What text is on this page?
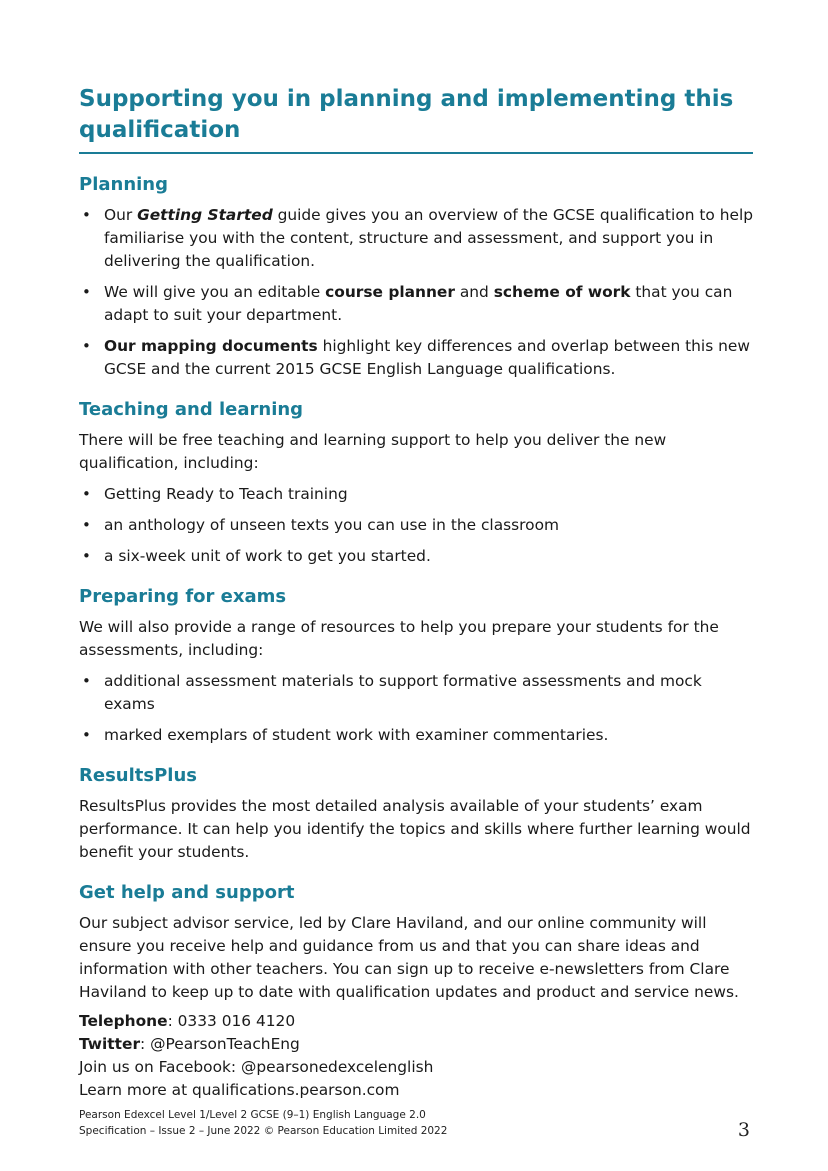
Supporting you in planning and implementing this qualification
Planning
• Our Getting Started guide gives you an overview of the GCSE qualification to help familiarise you with the content, structure and assessment, and support you in delivering the qualification.
• We will give you an editable course planner and scheme of work that you can adapt to suit your department.
• Our mapping documents highlight key differences and overlap between this new GCSE and the current 2015 GCSE English Language qualifications.
Teaching and learning

There will be free teaching and learning support to help you deliver the new qualification, including:

• Getting Ready to Teach training
• an anthology of unseen texts you can use in the classroom
• a six-week unit of work to get you started.
Preparing for exams

We will also provide a range of resources to help you prepare your students for the assessments, including:

• additional assessment materials to support formative assessments and mock exams
• marked exemplars of student work with examiner commentaries.
ResultsPlus

ResultsPlus provides the most detailed analysis available of your students’ exam performance. It can help you identify the topics and skills where further learning would benefit your students.

Get help and support

Our subject advisor service, led by Clare Haviland, and our online community will ensure you receive help and guidance from us and that you can share ideas and information with other teachers. You can sign up to receive e-newsletters from Clare Haviland to keep up to date with qualification updates and product and service news.

Telephone: 0333 016 4120
Twitter: @PearsonTeachEng
Join us on Facebook: @pearsonedexcelenglish
Learn more at qualifications.pearson.com
Pearson Edexcel Level 1/Level 2 GCSE (9–1) English Language 2.0
Specification – Issue 2 – June 2022 © Pearson Education Limited 2022	3
